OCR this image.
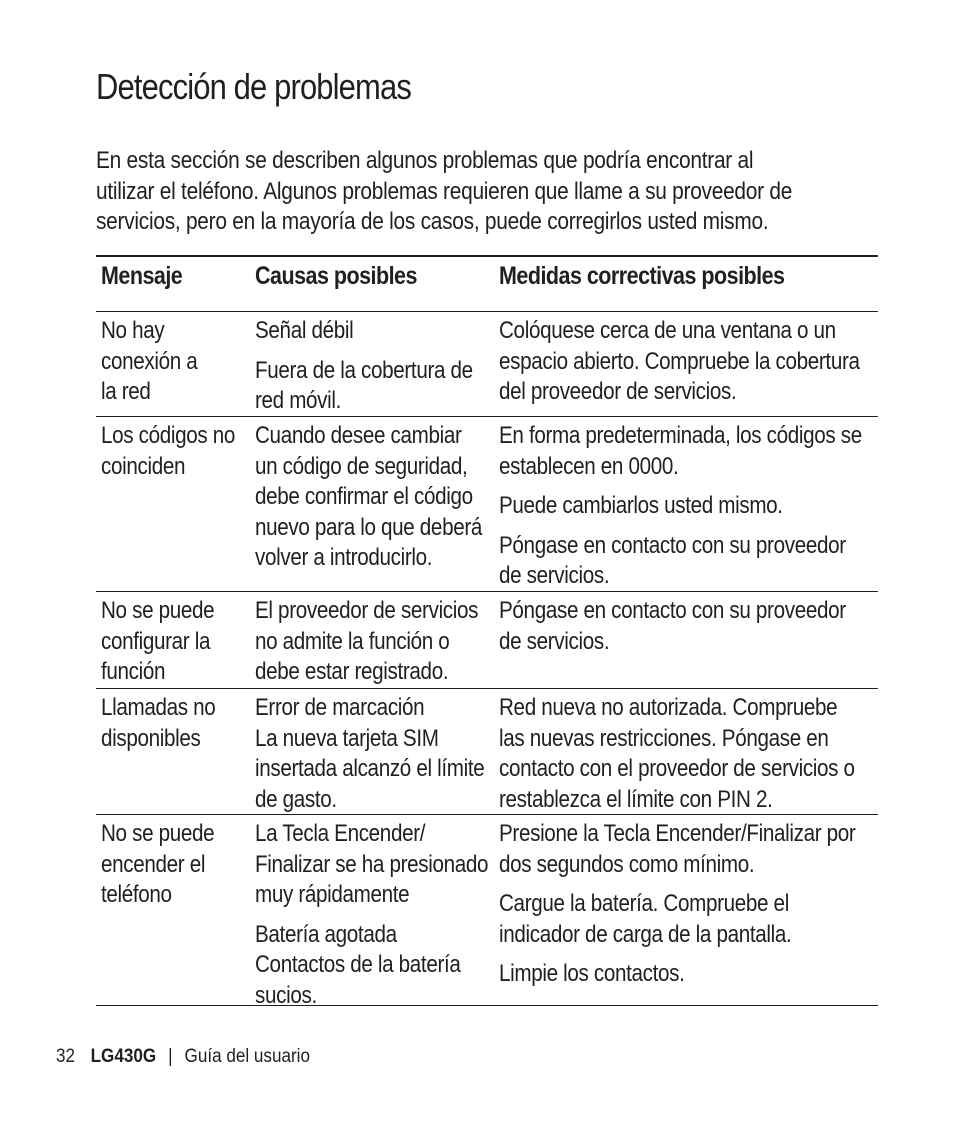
Detección de problemas

En esta sección se describen algunos problemas que podría encontrar al
utilizar el teléfono. Algunos problemas requieren que llame a su proveedor de
servicios, pero en la mayoría de los casos, puede corregirlos usted mismo.

Mensaje	Causas posibles	Medidas correctivas posibles
No hay
conexión a
la red
Señal débil
Fuera de la cobertura de
red móvil.
Colóquese cerca de una ventana o un
espacio abierto. Compruebe la cobertura
del proveedor de servicios.
Los códigos no
coinciden
Cuando desee cambiar
un código de seguridad,
debe confirmar el código
nuevo para lo que deberá
volver a introducirlo.
En forma predeterminada, los códigos se
establecen en 0000.
Puede cambiarlos usted mismo.
Póngase en contacto con su proveedor
de servicios.
No se puede
configurar la
función
El proveedor de servicios
no admite la función o
debe estar registrado.
Póngase en contacto con su proveedor
de servicios.
Llamadas no
disponibles
Error de marcación
La nueva tarjeta SIM
insertada alcanzó el límite
de gasto.
Red nueva no autorizada. Compruebe
las nuevas restricciones. Póngase en
contacto con el proveedor de servicios o
restablezca el límite con PIN 2.
No se puede
encender el
teléfono
La Tecla Encender/
Finalizar se ha presionado
muy rápidamente
Batería agotada
Contactos de la batería
sucios.
Presione la Tecla Encender/Finalizar por
dos segundos como mínimo.
Cargue la batería. Compruebe el
indicador de carga de la pantalla.
Limpie los contactos.
32 LG430G | Guía del usuario
